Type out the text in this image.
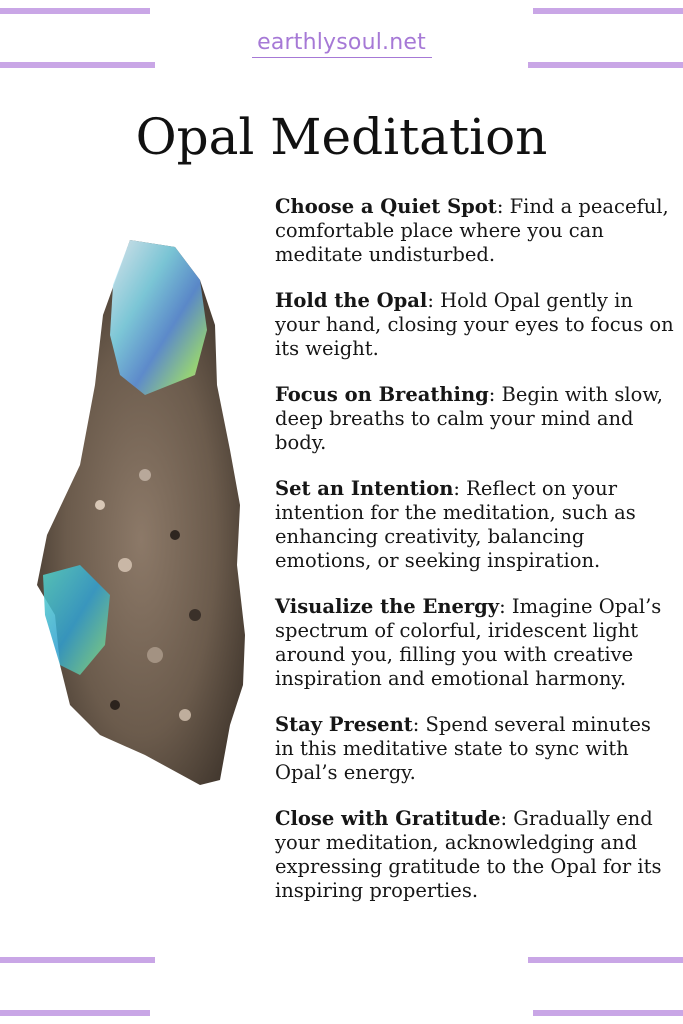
earthlysoul.net
Opal Meditation
Choose a Quiet Spot: Find a peaceful, comfortable place where you can meditate undisturbed.
Hold the Opal: Hold Opal gently in your hand, closing your eyes to focus on its weight.
Focus on Breathing: Begin with slow, deep breaths to calm your mind and body.
Set an Intention: Reflect on your intention for the meditation, such as enhancing creativity, balancing emotions, or seeking inspiration.
Visualize the Energy: Imagine Opal’s spectrum of colorful, iridescent light around you, filling you with creative inspiration and emotional harmony.
Stay Present: Spend several minutes in this meditative state to sync with Opal’s energy.
Close with Gratitude: Gradually end your meditation, acknowledging and expressing gratitude to the Opal for its inspiring properties.
